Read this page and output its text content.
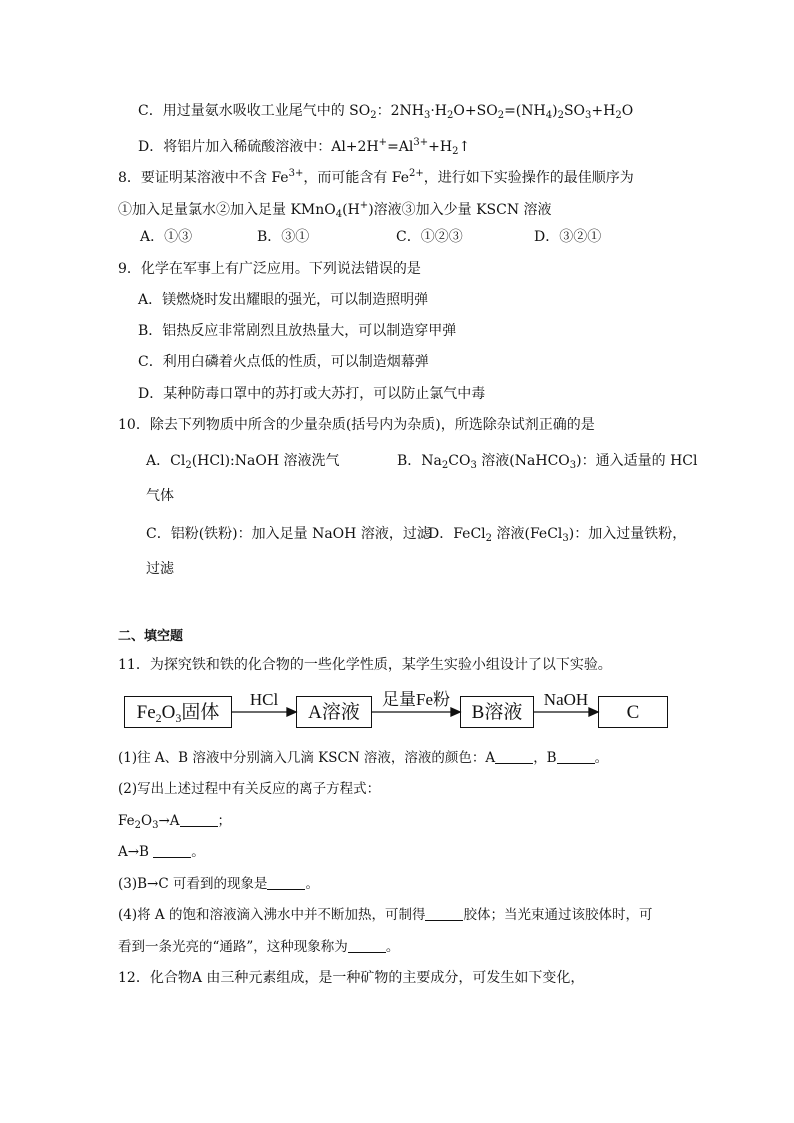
C．用过量氨水吸收工业尾气中的 $SO_2$：$2NH_3\cdot H_2O+SO_2=(NH_4)_2SO_3+H_2O$
D．将铝片加入稀硫酸溶液中：$Al+2H^+=Al^{3+}+H_2↑$
8．要证明某溶液中不含 $Fe^{3+}$，而可能含有 $Fe^{2+}$，进行如下实验操作的最佳顺序为
①加入足量氯水②加入足量 KMnO$_4$(H+)溶液③加入少量 KSCN 溶液
A．①③	B．③①	C．①②③	D．③②①
9．化学在军事上有广泛应用。下列说法错误的是
A．镁燃烧时发出耀眼的强光，可以制造照明弹
B．铝热反应非常剧烈且放热量大，可以制造穿甲弹
C．利用白磷着火点低的性质，可以制造烟幕弹
D．某种防毒口罩中的苏打或大苏打，可以防止氯气中毒
10．除去下列物质中所含的少量杂质(括号内为杂质)，所选除杂试剂正确的是
A．$Cl_2(HCl):NaOH$ 溶液洗气	B．$Na_2CO_3$ 溶液(NaHCO$_3$)：通入适量的 HCl
气体
C．铝粉(铁粉)：加入足量 NaOH 溶液，过滤
D．FeCl$_2$ 溶液(FeCl$_3$)：加入过量铁粉，
过滤
二、填空题
11．为探究铁和铁的化合物的一些化学性质，某学生实验小组设计了以下实验。
$Fe_2O_3$固体
HCl
A溶液
足量Fe粉
B溶液
NaOH
C
(1)往 A、B 溶液中分别滴入几滴 KSCN 溶液，溶液的颜色：A	，B	。
(2)写出上述过程中有关反应的离子方程式：
$Fe_2O_3\to A$	；
A→B	。
(3)B→C 可看到的现象是	。
(4)将 A 的饱和溶液滴入沸水中并不断加热，可制得	胶体；当光束通过该胶体时，可
看到一条光亮的“通路”，这种现象称为	。
12．化合物A 由三种元素组成，是一种矿物的主要成分，可发生如下变化，
